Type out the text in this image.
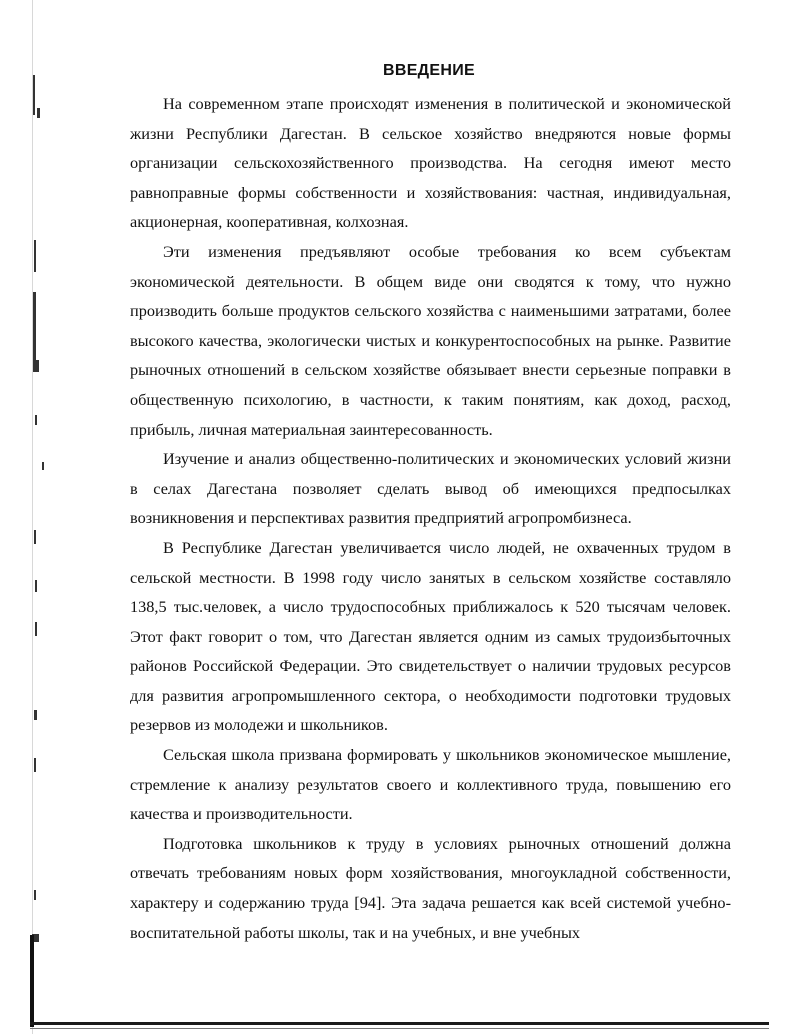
ВВЕДЕНИЕ

На современном этапе происходят изменения в политической и экономической жизни Республики Дагестан. В сельское хозяйство внедряются новые формы организации сельскохозяйственного производства. На сегодня имеют место равноправные формы собственности и хозяйствования: частная, индивидуальная, акционерная, кооперативная, колхозная.

Эти изменения предъявляют особые требования ко всем субъектам экономической деятельности. В общем виде они сводятся к тому, что нужно производить больше продуктов сельского хозяйства с наименьшими затратами, более высокого качества, экологически чистых и конкурентоспособных на рынке. Развитие рыночных отношений в сельском хозяйстве обязывает внести серьезные поправки в общественную психологию, в частности, к таким понятиям, как доход, расход, прибыль, личная материальная заинтересованность.

Изучение и анализ общественно-политических и экономических условий жизни в селах Дагестана позволяет сделать вывод об имеющихся предпосылках возникновения и перспективах развития предприятий агропромбизнеса.

В Республике Дагестан увеличивается число людей, не охваченных трудом в сельской местности. В 1998 году число занятых в сельском хозяйстве составляло 138,5 тыс.человек, а число трудоспособных приближалось к 520 тысячам человек. Этот факт говорит о том, что Дагестан является одним из самых трудоизбыточных районов Российской Федерации. Это свидетельствует о наличии трудовых ресурсов для развития агропромышленного сектора, о необходимости подготовки трудовых резервов из молодежи и школьников.

Сельская школа призвана формировать у школьников экономическое мышление, стремление к анализу результатов своего и коллективного труда, повышению его качества и производительности.

Подготовка школьников к труду в условиях рыночных отношений должна отвечать требованиям новых форм хозяйствования, многоукладной собственности, характеру и содержанию труда [94]. Эта задача решается как всей системой учебно-воспитательной работы школы, так и на учебных, и вне учебных
